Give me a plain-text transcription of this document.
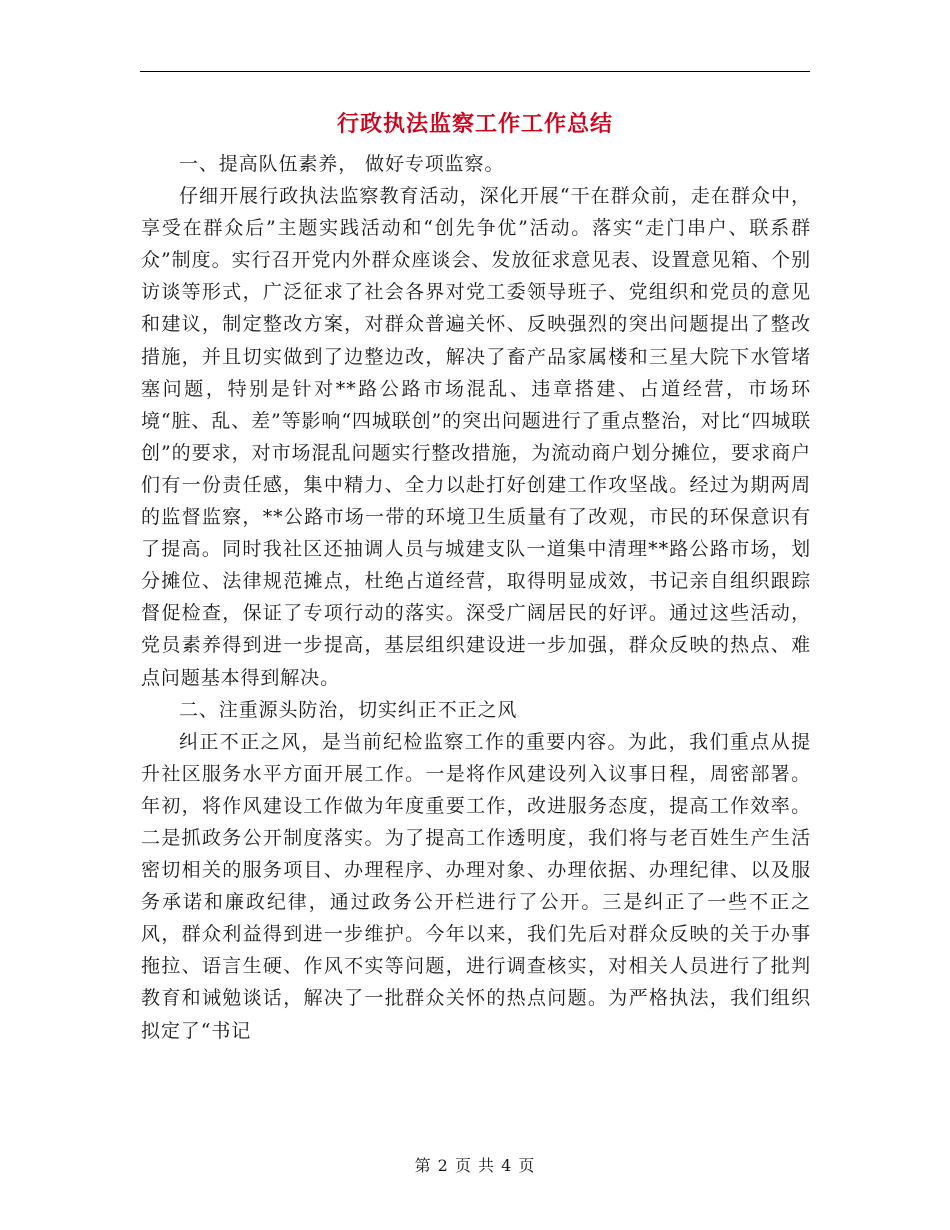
行政执法监察工作工作总结

一、提高队伍素养， 做好专项监察。

仔细开展行政执法监察教育活动，深化开展“干在群众前，走在群众中，享受在群众后”主题实践活动和“创先争优”活动。落实“走门串户、联系群众”制度。实行召开党内外群众座谈会、发放征求意见表、设置意见箱、个别访谈等形式，广泛征求了社会各界对党工委领导班子、党组织和党员的意见和建议，制定整改方案，对群众普遍关怀、反映强烈的突出问题提出了整改措施，并且切实做到了边整边改，解决了畜产品家属楼和三星大院下水管堵塞问题，特别是针对**路公路市场混乱、违章搭建、占道经营，市场环境“脏、乱、差”等影响“四城联创”的突出问题进行了重点整治，对比“四城联创”的要求，对市场混乱问题实行整改措施，为流动商户划分摊位，要求商户们有一份责任感，集中精力、全力以赴打好创建工作攻坚战。经过为期两周的监督监察，**公路市场一带的环境卫生质量有了改观，市民的环保意识有了提高。同时我社区还抽调人员与城建支队一道集中清理**路公路市场，划分摊位、法律规范摊点，杜绝占道经营，取得明显成效，书记亲自组织跟踪督促检查，保证了专项行动的落实。深受广阔居民的好评。通过这些活动，党员素养得到进一步提高，基层组织建设进一步加强，群众反映的热点、难点问题基本得到解决。

二、注重源头防治，切实纠正不正之风

纠正不正之风，是当前纪检监察工作的重要内容。为此，我们重点从提升社区服务水平方面开展工作。一是将作风建设列入议事日程，周密部署。年初，将作风建设工作做为年度重要工作，改进服务态度，提高工作效率。二是抓政务公开制度落实。为了提高工作透明度，我们将与老百姓生产生活密切相关的服务项目、办理程序、办理对象、办理依据、办理纪律、以及服务承诺和廉政纪律，通过政务公开栏进行了公开。三是纠正了一些不正之风，群众利益得到进一步维护。今年以来，我们先后对群众反映的关于办事拖拉、语言生硬、作风不实等问题，进行调查核实，对相关人员进行了批判教育和诫勉谈话，解决了一批群众关怀的热点问题。为严格执法，我们组织拟定了“书记

第 2 页 共 4 页
